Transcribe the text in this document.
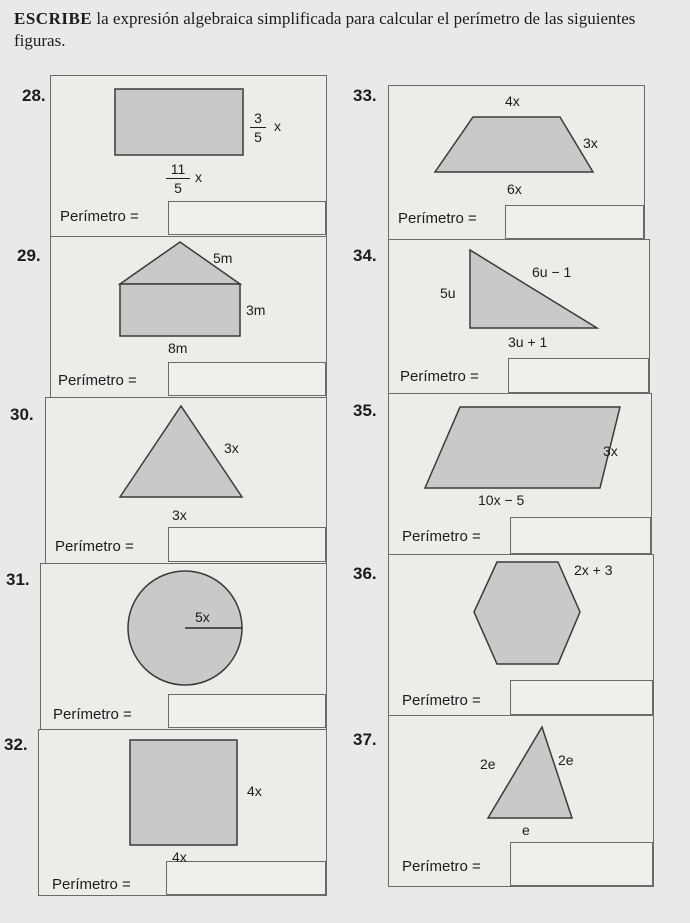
ESCRIBE la expresión algebraica simplificada para calcular el perímetro de las siguientes figuras.
28.
29.
30.
31.
32.
33.
34.
35.
36.
37.
Perímetro =
Perímetro =
Perímetro =
Perímetro =
Perímetro =
Perímetro =
Perímetro =
Perímetro =
Perímetro =
Perímetro =
3
5
x
11
5
x
5m
3m
8m
3x
3x
5x
4x
4x
4x
3x
6x
6u − 1
5u
3u + 1
3x
10x − 5
2x + 3
2e	2e
e
